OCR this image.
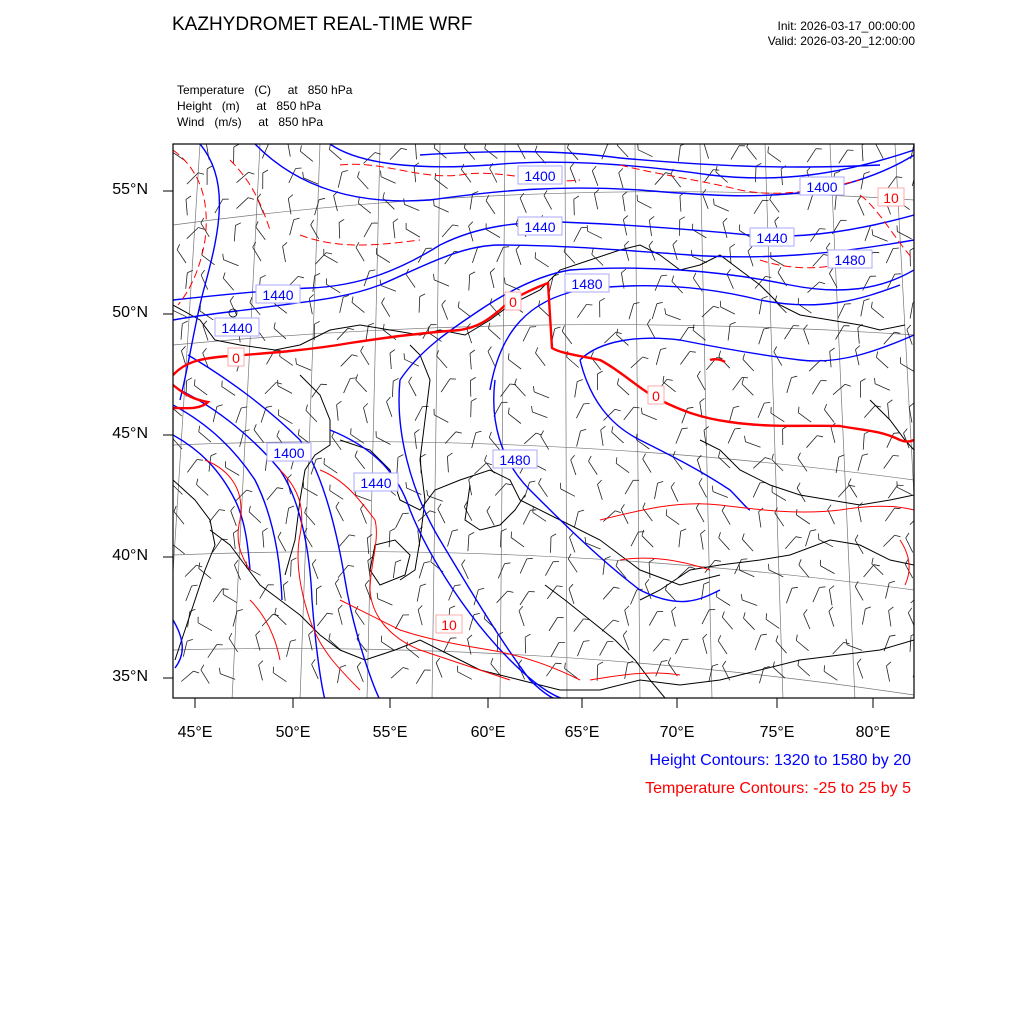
KAZHYDROMET REAL-TIME WRF	Init: 2026-03-17_00:00:00
Valid: 2026-03-20_12:00:00
Temperature   (C)     at   850 hPa
Height   (m)     at   850 hPa
Wind   (m/s)     at   850 hPa
1400
1400
1440
1440
1480
1440
1440
1400
1440
1480
1480
10
0
0
0
10
55°N
50°N
45°N
40°N
35°N
45°E	50°E	55°E	60°E	65°E	70°E	75°E	80°E
Height Contours: 1320 to 1580 by 20
Temperature Contours: -25 to 25 by 5
